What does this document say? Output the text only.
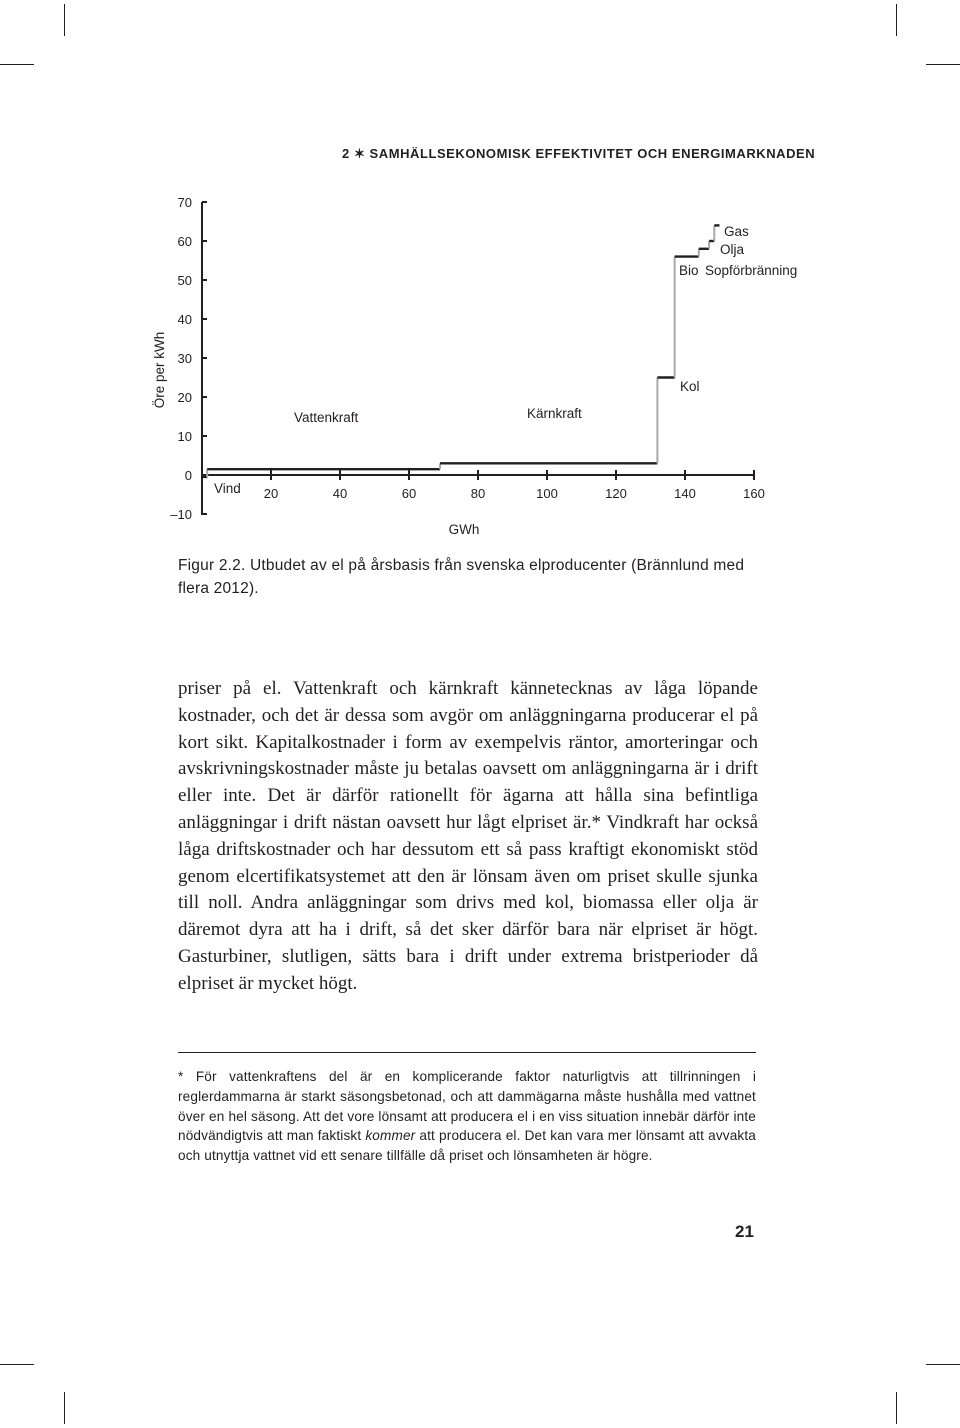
2 ✶ SAMHÄLLSEKONOMISK EFFEKTIVITET OCH ENERGIMARKNADEN
Öre per kWh
GWh
–10
0
10
20
30
40
50
60
70
20	40	60	80	100	120	140	160
Vind
Vattenkraft	Kärnkraft
Kol
Bio Sopförbränning
Olja
Gas
Figur 2.2. Utbudet av el på årsbasis från svenska elproducenter (Brännlund med flera 2012).

priser på el. Vattenkraft och kärnkraft kännetecknas av låga löpande kostnader, och det är dessa som avgör om anläggningarna producerar el på kort sikt. Kapitalkostnader i form av exempelvis räntor, amorteringar och avskrivningskostnader måste ju betalas oavsett om anläggningarna är i drift eller inte. Det är därför rationellt för ägarna att hålla sina befintliga anläggningar i drift nästan oavsett hur lågt elpriset är.* Vindkraft har också låga driftskostnader och har dessutom ett så pass kraftigt ekonomiskt stöd genom elcertifikatsystemet att den är lönsam även om priset skulle sjunka till noll. Andra anläggningar som drivs med kol, biomassa eller olja är däremot dyra att ha i drift, så det sker därför bara när elpriset är högt. Gasturbiner, slutligen, sätts bara i drift under extrema bristperioder då elpriset är mycket högt.

* För vattenkraftens del är en komplicerande faktor naturligtvis att tillrinningen i reglerdammarna är starkt säsongsbetonad, och att dammägarna måste hushålla med vattnet över en hel säsong. Att det vore lönsamt att producera el i en viss situation innebär därför inte nödvändigtvis att man faktiskt kommer att producera el. Det kan vara mer lönsamt att avvakta och utnyttja vattnet vid ett senare tillfälle då priset och lönsamheten är högre.
21
